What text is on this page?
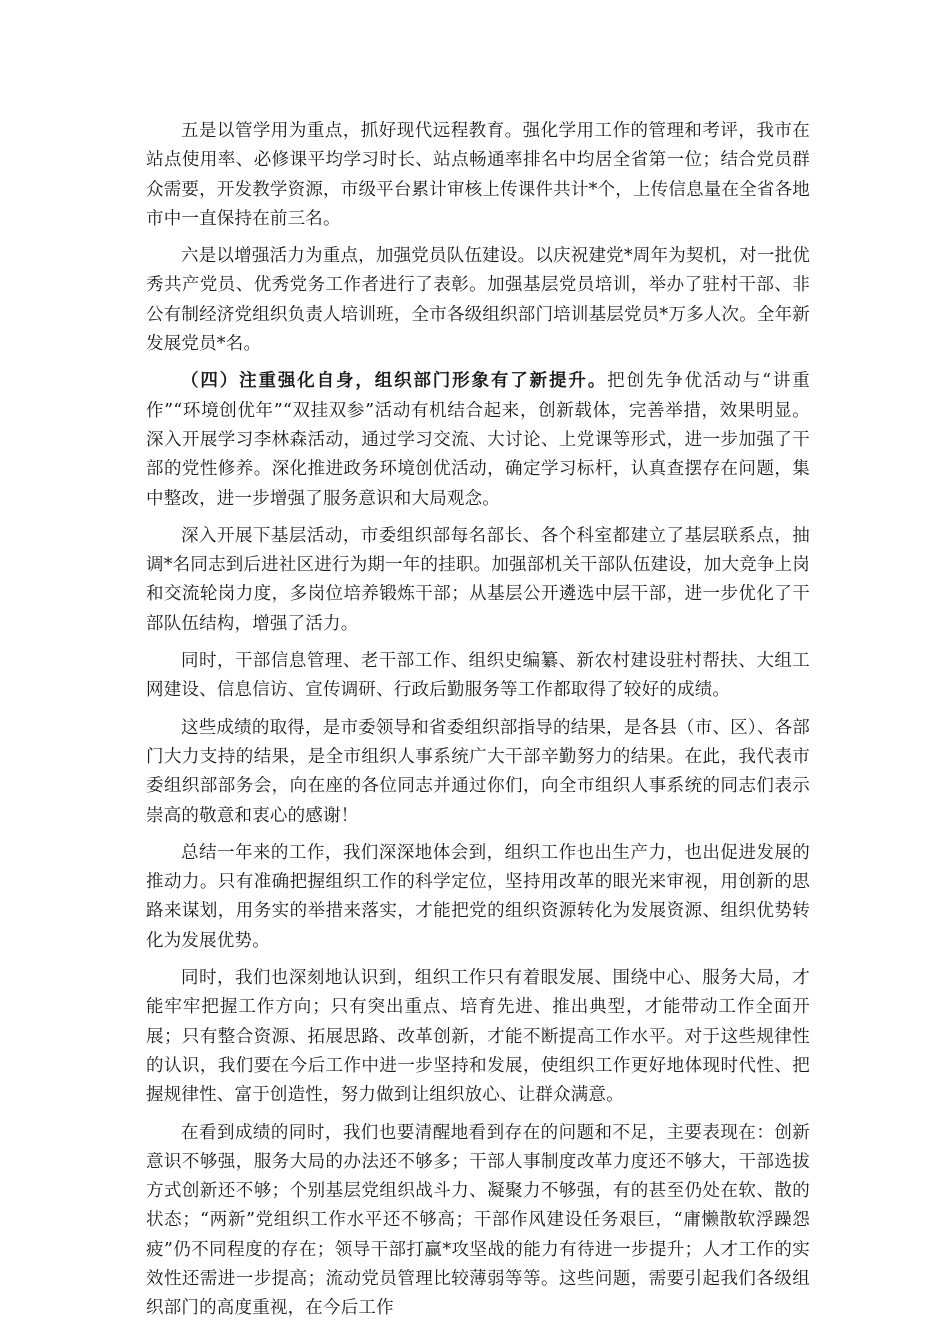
五是以管学用为重点，抓好现代远程教育。强化学用工作的管理和考评，我市在站点使用率、必修课平均学习时长、站点畅通率排名中均居全省第一位；结合党员群众需要，开发教学资源，市级平台累计审核上传课件共计*个，上传信息量在全省各地市中一直保持在前三名。

六是以增强活力为重点，加强党员队伍建设。以庆祝建党*周年为契机，对一批优秀共产党员、优秀党务工作者进行了表彰。加强基层党员培训，举办了驻村干部、非公有制经济党组织负责人培训班，全市各级组织部门培训基层党员*万多人次。全年新发展党员*名。

（四）注重强化自身，组织部门形象有了新提升。把创先争优活动与“讲重作”“环境创优年”“双挂双参”活动有机结合起来，创新载体，完善举措，效果明显。深入开展学习李林森活动，通过学习交流、大讨论、上党课等形式，进一步加强了干部的党性修养。深化推进政务环境创优活动，确定学习标杆，认真查摆存在问题，集中整改，进一步增强了服务意识和大局观念。

深入开展下基层活动，市委组织部每名部长、各个科室都建立了基层联系点，抽调*名同志到后进社区进行为期一年的挂职。加强部机关干部队伍建设，加大竞争上岗和交流轮岗力度，多岗位培养锻炼干部；从基层公开遴选中层干部，进一步优化了干部队伍结构，增强了活力。

同时，干部信息管理、老干部工作、组织史编纂、新农村建设驻村帮扶、大组工网建设、信息信访、宣传调研、行政后勤服务等工作都取得了较好的成绩。

这些成绩的取得，是市委领导和省委组织部指导的结果，是各县（市、区）、各部门大力支持的结果，是全市组织人事系统广大干部辛勤努力的结果。在此，我代表市委组织部部务会，向在座的各位同志并通过你们，向全市组织人事系统的同志们表示崇高的敬意和衷心的感谢！

总结一年来的工作，我们深深地体会到，组织工作也出生产力，也出促进发展的推动力。只有准确把握组织工作的科学定位，坚持用改革的眼光来审视，用创新的思路来谋划，用务实的举措来落实，才能把党的组织资源转化为发展资源、组织优势转化为发展优势。

同时，我们也深刻地认识到，组织工作只有着眼发展、围绕中心、服务大局，才能牢牢把握工作方向；只有突出重点、培育先进、推出典型，才能带动工作全面开展；只有整合资源、拓展思路、改革创新，才能不断提高工作水平。对于这些规律性的认识，我们要在今后工作中进一步坚持和发展，使组织工作更好地体现时代性、把握规律性、富于创造性，努力做到让组织放心、让群众满意。

在看到成绩的同时，我们也要清醒地看到存在的问题和不足，主要表现在：创新意识不够强，服务大局的办法还不够多；干部人事制度改革力度还不够大，干部选拔方式创新还不够；个别基层党组织战斗力、凝聚力不够强，有的甚至仍处在软、散的状态；“两新”党组织工作水平还不够高；干部作风建设任务艰巨，“庸懒散软浮躁怨疲”仍不同程度的存在；领导干部打赢*攻坚战的能力有待进一步提升；人才工作的实效性还需进一步提高；流动党员管理比较薄弱等等。这些问题，需要引起我们各级组织部门的高度重视，在今后工作
